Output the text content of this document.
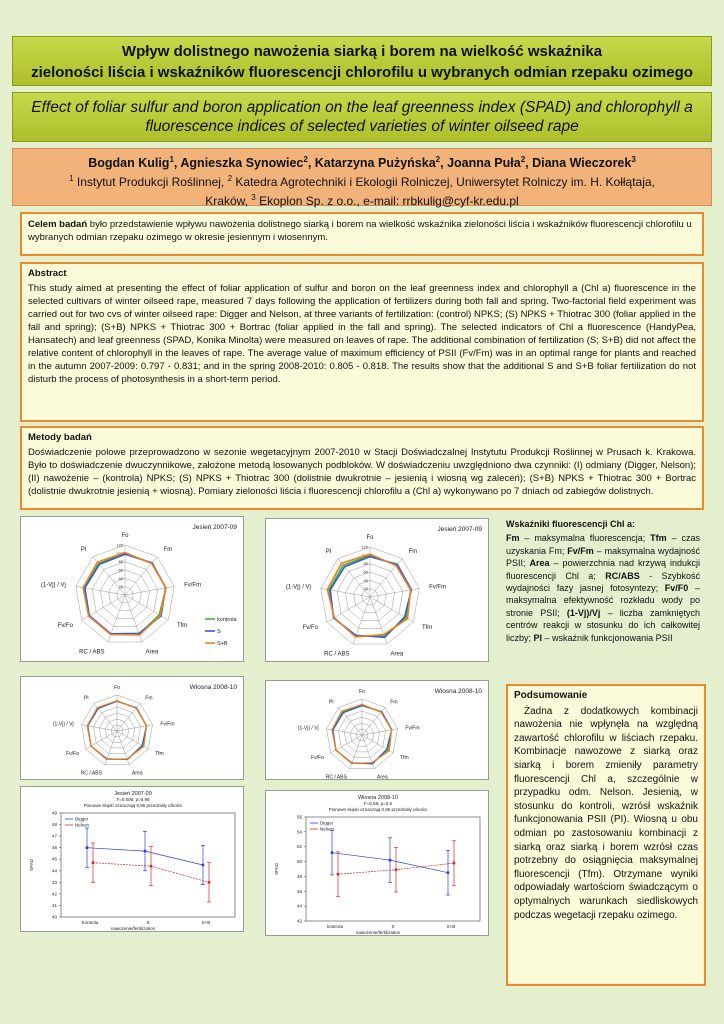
Wpływ dolistnego nawożenia siarką i borem na wielkość wskaźnika
zieloności liścia i wskaźników fluorescencji chlorofilu u wybranych odmian rzepaku ozimego
Effect of foliar sulfur and boron application on the leaf greenness index (SPAD) and chlorophyll a
fluorescence indices of selected varieties of winter oilseed rape
Bogdan Kulig$^1$, Agnieszka Synowiec$^2$, Katarzyna Pużyńska$^2$, Joanna Puła$^2$, Diana Wieczorek$^3$
$^1$ Instytut Produkcji Roślinnej, $^2$ Katedra Agrotechniki i Ekologii Rolniczej, Uniwersytet Rolniczy im. H. Kołłątaja,
Kraków, $^3$ Ekoplon Sp. z o.o., e-mail: rrbkulig@cyf-kr.edu.pl
Celem badań było przedstawienie wpływu nawożenia dolistnego siarką i borem na wielkość wskaźnika zieloności liścia i wskaźników fluorescencji chlorofilu u wybranych odmian rzepaku ozimego w okresie jesiennym i wiosennym.
Abstract
This study aimed at presenting the effect of foliar application of sulfur and boron on the leaf greenness index and chlorophyll a (Chl a) fluorescence in the selected cultivars of winter oilseed rape, measured 7 days following the application of fertilizers during both fall and spring. Two-factorial field experiment was carried out for two cvs of winter oilseed rape: Digger and Nelson, at three variants of fertilization: (control) NPKS; (S) NPKS + Thiotrac 300 (foliar applied in the fall and spring); (S+B) NPKS + Thiotrac 300 + Bortrac (foliar applied in the fall and spring). The selected indicators of Chl a fluorescence (HandyPea, Hansatech) and leaf greenness (SPAD, Konika Minolta) were measured on leaves of rape. The additional combination of fertilization (S; S+B) did not affect the relative content of chlorophyll in the leaves of rape. The average value of maximum efficiency of PSII (Fv/Fm) was in an optimal range for plants and reached in the autumn 2007-2009: 0.797 - 0.831; and in the spring 2008-2010: 0.805 - 0.818. The results show that the additional S and S+B foliar fertilization do not disturb the process of photosynthesis in a short-term period.
Metody badań
Doświadczenie polowe przeprowadzono w sezonie wegetacyjnym 2007-2010 w Stacji Doświadczalnej Instytutu Produkcji Roślinnej w Prusach k. Krakowa. Było to doświadczenie dwuczynnikowe, założone metodą losowanych podbloków. W doświadczeniu uwzględniono dwa czynniki: (I) odmiany (Digger, Nelson); (II) nawożenie – (kontrola) NPKS; (S) NPKS + Thiotrac 300 (dolistnie dwukrotnie – jesienią i wiosną wg zaleceń); (S+B) NPKS + Thiotrac 300 + Bortrac (dolistnie dwukrotnie jesienią + wiosną). Pomiary zieloności liścia i fluorescencji chlorofilu a (Chl a) wykonywano po 7 dniach od zabiegów dolistnych.
Jesień 2007-09
Fo
Fm
Fv/Fm
Tfm
Area
RC / ABS
Fv/Fo
(1-Vj) / Vj
PI
20
40
60
80
100
120
kontrola
S
S+B
Jesień 2007-09
Fo
Fm
Fv/Fm
Tfm
Area
RC / ABS
Fv/Fo
(1-Vj) / Vj
PI
20
40
60
80
100
120
Wiosna 2008-10
Fo
Fm
Fv/Fm
Tfm
Area
RC / ABS
Fv/Fo
(1-Vj) / Vj
PI
Wiosna 2008-10
Fo
Fm
Fv/Fm
Tfm
Area
RC / ABS
Fv/Fo
(1-Vj) / Vj
PI
Jesień 2007-09
F=0,006; p=0,99
Pionowe słupki oznaczają 0,95 przedziały ufności
40
41
42
43
44
45
46
47
48
49
SPAD
Kontrola	S	S+B
nawożenie/fertilization
Digger
Nelson
Wiosna 2008-10
F=0,56; p=0,6
Pionowe słupki oznaczają 0,95 przedziały ufności
42
44
46
48
50
52
54
56
SPAD
kontrola	S	S+B
nawożenie/fertilization
Digger
Nelson
Wskaźniki fluorescencji Chl a:
Fm – maksymalna fluorescencja; Tfm – czas uzyskania Fm; Fv/Fm – maksymalna wydajność PSII; Area – powierzchnia nad krzywą indukcji fluorescencji Chl a; RC/ABS - Szybkość wydajności fazy jasnej fotosyntezy; Fv/F0 – maksymalna efektywność rozkładu wody po stronie PSII; (1-Vj)/Vj – liczba zamkniętych centrów reakcji w stosunku do ich całkowitej liczby; PI – wskaźnik funkcjonowania PSII
Podsumowanie
Żadna z dodatkowych kombinacji nawożenia nie wpłynęła na względną zawartość chlorofilu w liściach rzepaku. Kombinacje nawozowe z siarką oraz siarką i borem zmieniły parametry fluorescencji Chl a, szczególnie w przypadku odm. Nelson. Jesienią, w stosunku do kontroli, wzrósł wskaźnik funkcjonowania PSII (PI). Wiosną u obu odmian po zastosowaniu kombinacji z siarką oraz siarką i borem wzrósł czas potrzebny do osiągnięcia maksymalnej fluorescencji (Tfm). Otrzymane wyniki odpowiadały wartościom świadczącym o optymalnych warunkach siedliskowych podczas wegetacji rzepaku ozimego.
